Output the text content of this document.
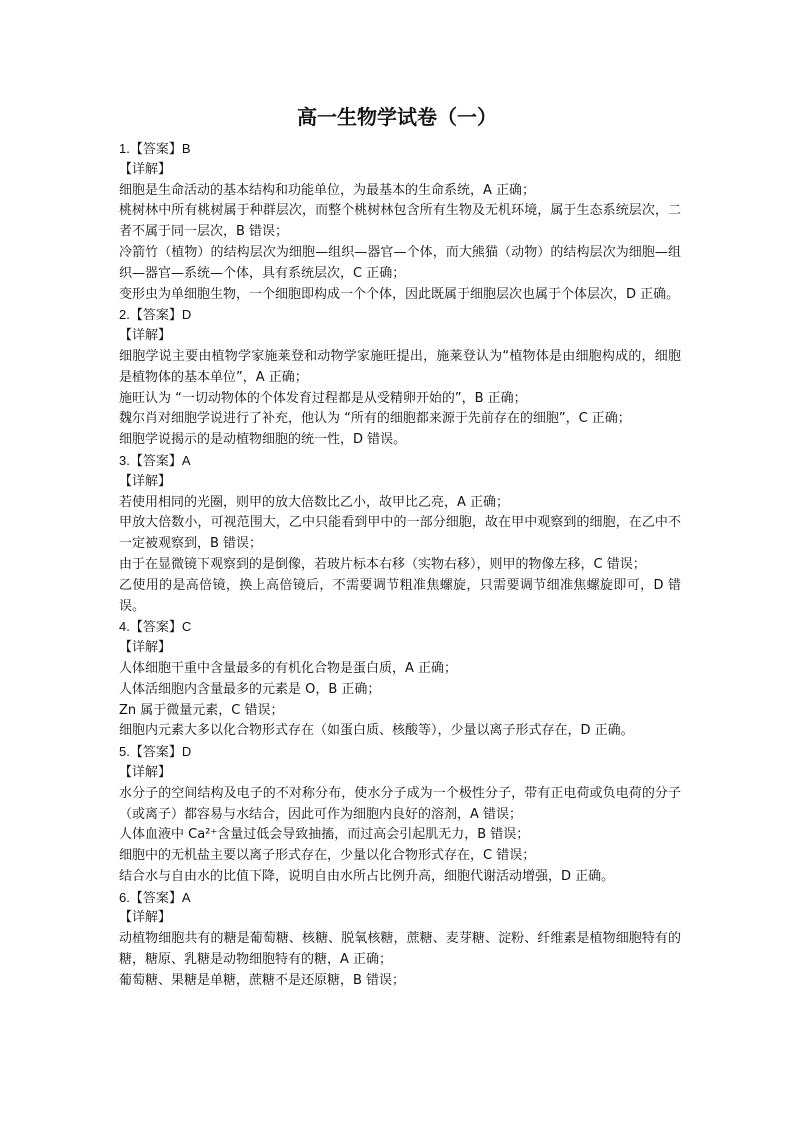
高一生物学试卷（一）

1.【答案】B

【详解】

细胞是生命活动的基本结构和功能单位，为最基本的生命系统，A 正确；

桃树林中所有桃树属于种群层次，而整个桃树林包含所有生物及无机环境，属于生态系统层次，二者不属于同一层次，B 错误；

冷箭竹（植物）的结构层次为细胞—组织—器官—个体，而大熊猫（动物）的结构层次为细胞—组织—器官—系统—个体，具有系统层次，C 正确；

变形虫为单细胞生物，一个细胞即构成一个个体，因此既属于细胞层次也属于个体层次，D 正确。

2.【答案】D

【详解】

细胞学说主要由植物学家施莱登和动物学家施旺提出，施莱登认为“植物体是由细胞构成的，细胞是植物体的基本单位”，A 正确；

施旺认为 “一切动物体的个体发育过程都是从受精卵开始的”，B 正确；

魏尔肖对细胞学说进行了补充，他认为 “所有的细胞都来源于先前存在的细胞”，C 正确；

细胞学说揭示的是动植物细胞的统一性，D 错误。

3.【答案】A

【详解】

若使用相同的光圈，则甲的放大倍数比乙小，故甲比乙亮，A 正确；

甲放大倍数小，可视范围大，乙中只能看到甲中的一部分细胞，故在甲中观察到的细胞，在乙中不一定被观察到，B 错误；

由于在显微镜下观察到的是倒像，若玻片标本右移（实物右移），则甲的物像左移，C 错误；

乙使用的是高倍镜，换上高倍镜后，不需要调节粗准焦螺旋，只需要调节细准焦螺旋即可，D 错误。

4.【答案】C

【详解】

人体细胞干重中含量最多的有机化合物是蛋白质，A 正确；

人体活细胞内含量最多的元素是 O，B 正确；

Zn 属于微量元素，C 错误；

细胞内元素大多以化合物形式存在（如蛋白质、核酸等），少量以离子形式存在，D 正确。

5.【答案】D

【详解】

水分子的空间结构及电子的不对称分布，使水分子成为一个极性分子，带有正电荷或负电荷的分子（或离子）都容易与水结合，因此可作为细胞内良好的溶剂，A 错误；

人体血液中 Ca²⁺含量过低会导致抽搐，而过高会引起肌无力，B 错误；

细胞中的无机盐主要以离子形式存在，少量以化合物形式存在，C 错误；

结合水与自由水的比值下降，说明自由水所占比例升高，细胞代谢活动增强，D 正确。

6.【答案】A

【详解】

动植物细胞共有的糖是葡萄糖、核糖、脱氧核糖，蔗糖、麦芽糖、淀粉、纤维素是植物细胞特有的糖，糖原、乳糖是动物细胞特有的糖，A 正确；

葡萄糖、果糖是单糖，蔗糖不是还原糖，B 错误；
